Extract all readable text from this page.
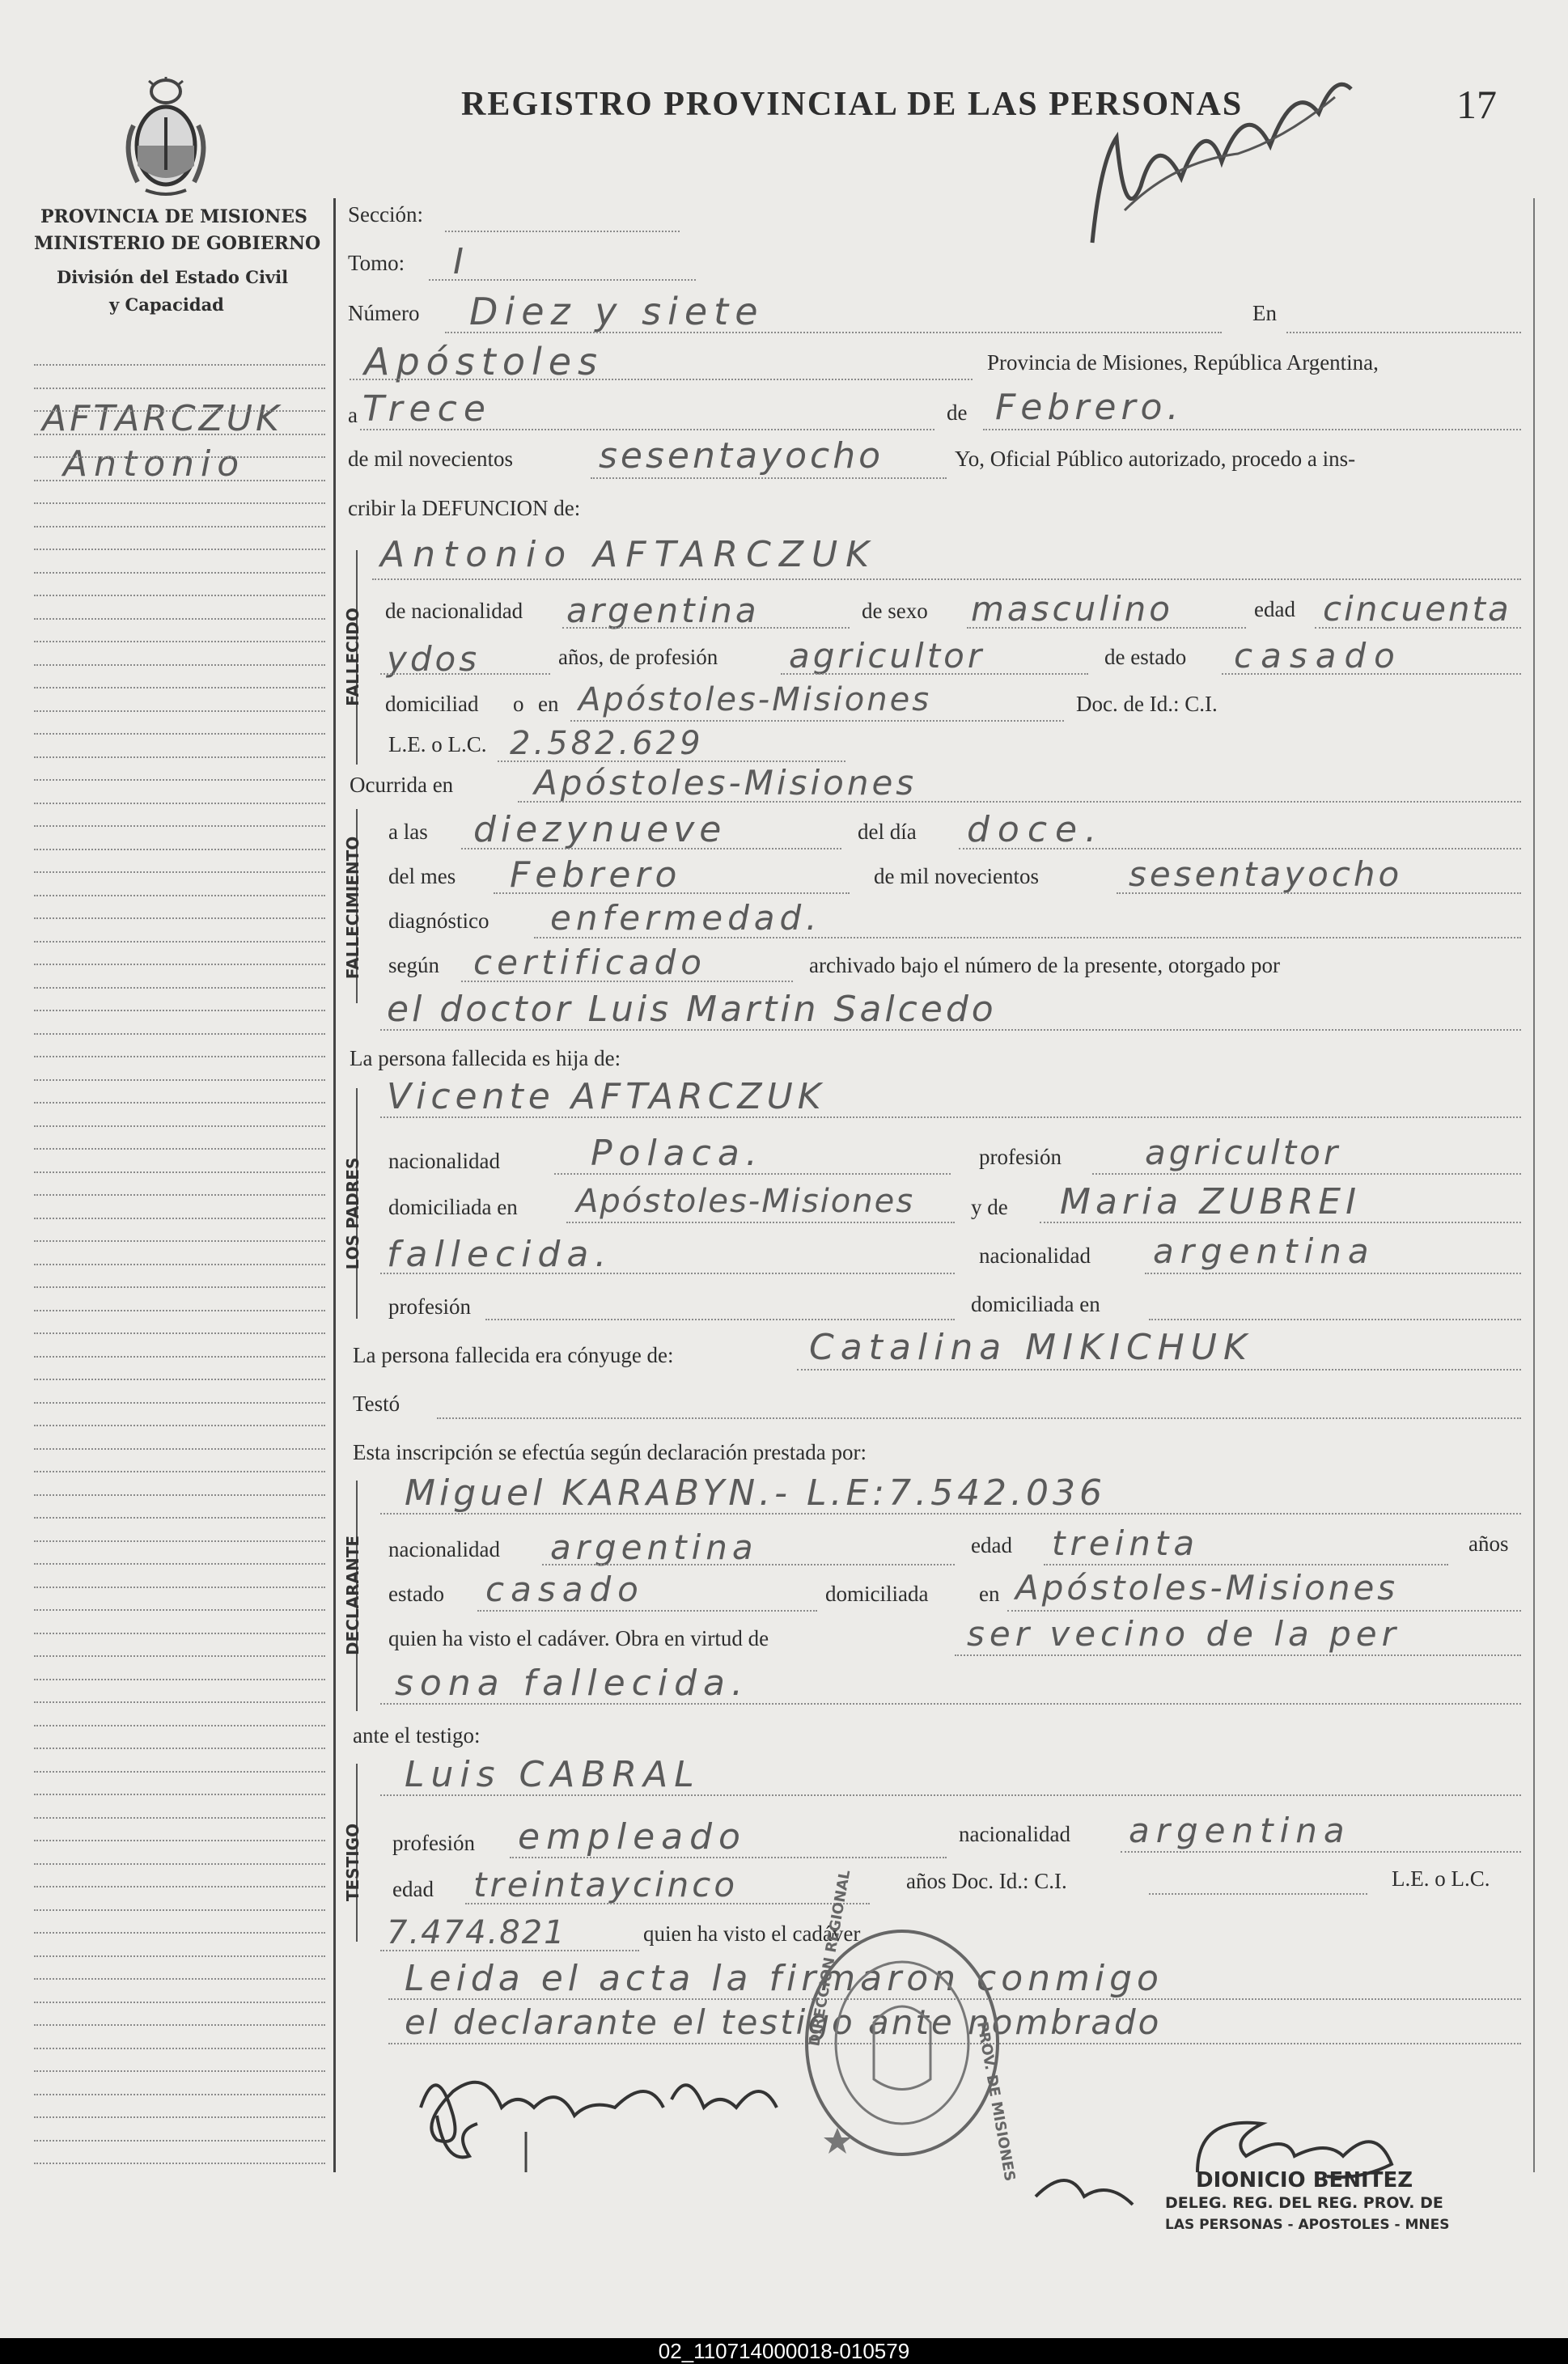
PROVINCIA DE MISIONES
MINISTERIO DE GOBIERNO
División del Estado Civil
y Capacidad
REGISTRO PROVINCIAL DE LAS PERSONAS	17
AFTARCZUK
Antonio
Sección:
Tomo: I
Número Diez y siete	En
Apóstoles	Provincia de Misiones, República Argentina,
a Trece	de Febrero.
de mil novecientos sesentayocho	Yo, Oficial Público autorizado, procedo a ins-
cribir la DEFUNCION de:
FALLECIDO
Antonio AFTARCZUK
de nacionalidad argentina	de sexo masculino	edad cincuenta
ydos	años, de profesión agricultor	de estado casado
domiciliad o en Apóstoles-Misiones	Doc. de Id.: C.I.
L.E. o L.C. 2.582.629
Ocurrida en Apóstoles-Misiones
FALLECIMIENTO
a las diezynueve	del día doce.
del mes Febrero	de mil novecientos	sesentayocho
diagnóstico enfermedad.
según certificado	archivado bajo el número de la presente, otorgado por
el doctor Luis Martin Salcedo
La persona fallecida es hija de:
LOS PADRES
Vicente AFTARCZUK
nacionalidad	Polaca.	profesión agricultor
domiciliada en Apóstoles-Misiones	y de Maria ZUBREI
fallecida.	nacionalidad argentina
profesión	domiciliada en
La persona fallecida era cónyuge de:	Catalina MIKICHUK
Testó
Esta inscripción se efectúa según declaración prestada por:
DECLARANTE
Miguel KARABYN.- L.E:7.542.036
nacionalidad argentina	edad treinta	años
estado casado	domiciliada en Apóstoles-Misiones
quien ha visto el cadáver. Obra en virtud de	ser vecino de la per
sona fallecida.
ante el testigo:
TESTIGO
Luis CABRAL
profesión empleado	nacionalidad argentina
edad treintaycinco	años Doc. Id.: C.I.	L.E. o L.C.
7.474.821	quien ha visto el cadáver
Leida el acta la firmaron conmigo
el declarante el testigo ante nombrado
DIRECCION REGIONAL
PROV. DE MISIONES	DIONICIO BENITEZ
DELEG. REG. DEL REG. PROV. DE
LAS PERSONAS - APOSTOLES - MNES
02_110714000018-010579
